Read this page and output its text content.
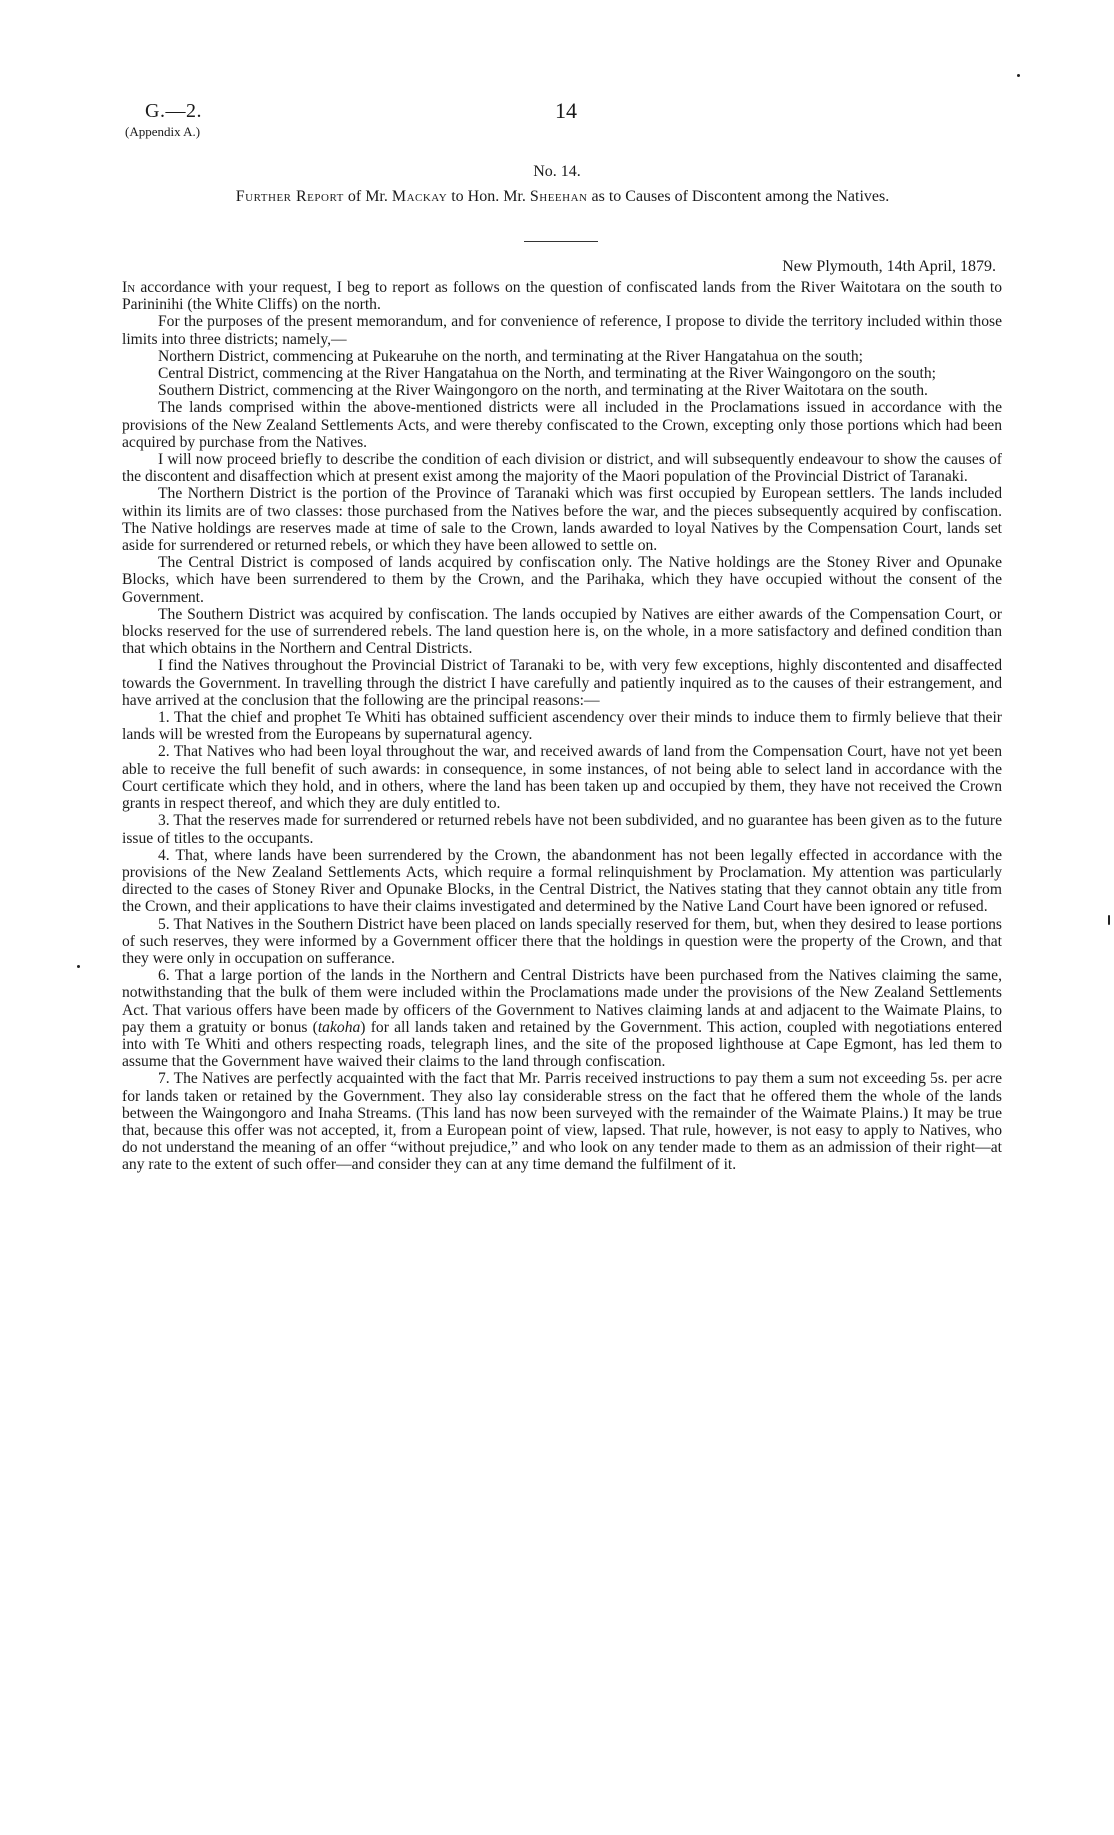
G.—2.
(Appendix A.)
14
No. 14.
Further Report of Mr. Mackay to Hon. Mr. Sheehan as to Causes of Discontent among the Natives.
New Plymouth, 14th April, 1879.

In accordance with your request, I beg to report as follows on the question of confiscated lands from the River Waitotara on the south to Parininihi (the White Cliffs) on the north.

For the purposes of the present memorandum, and for convenience of reference, I propose to divide the territory included within those limits into three districts; namely,—

Northern District, commencing at Pukearuhe on the north, and terminating at the River Hangatahua on the south;

Central District, commencing at the River Hangatahua on the North, and terminating at the River Waingongoro on the south;

Southern District, commencing at the River Waingongoro on the north, and terminating at the River Waitotara on the south.

The lands comprised within the above-mentioned districts were all included in the Proclamations issued in accordance with the provisions of the New Zealand Settlements Acts, and were thereby confiscated to the Crown, excepting only those portions which had been acquired by purchase from the Natives.

I will now proceed briefly to describe the condition of each division or district, and will subsequently endeavour to show the causes of the discontent and disaffection which at present exist among the majority of the Maori population of the Provincial District of Taranaki.

The Northern District is the portion of the Province of Taranaki which was first occupied by European settlers. The lands included within its limits are of two classes: those purchased from the Natives before the war, and the pieces subsequently acquired by confiscation. The Native holdings are reserves made at time of sale to the Crown, lands awarded to loyal Natives by the Compensation Court, lands set aside for surrendered or returned rebels, or which they have been allowed to settle on.

The Central District is composed of lands acquired by confiscation only. The Native holdings are the Stoney River and Opunake Blocks, which have been surrendered to them by the Crown, and the Parihaka, which they have occupied without the consent of the Government.

The Southern District was acquired by confiscation. The lands occupied by Natives are either awards of the Compensation Court, or blocks reserved for the use of surrendered rebels. The land question here is, on the whole, in a more satisfactory and defined condition than that which obtains in the Northern and Central Districts.

I find the Natives throughout the Provincial District of Taranaki to be, with very few exceptions, highly discontented and disaffected towards the Government. In travelling through the district I have carefully and patiently inquired as to the causes of their estrangement, and have arrived at the conclusion that the following are the principal reasons:—

1. That the chief and prophet Te Whiti has obtained sufficient ascendency over their minds to induce them to firmly believe that their lands will be wrested from the Europeans by supernatural agency.

2. That Natives who had been loyal throughout the war, and received awards of land from the Compensation Court, have not yet been able to receive the full benefit of such awards: in consequence, in some instances, of not being able to select land in accordance with the Court certificate which they hold, and in others, where the land has been taken up and occupied by them, they have not received the Crown grants in respect thereof, and which they are duly entitled to.

3. That the reserves made for surrendered or returned rebels have not been subdivided, and no guarantee has been given as to the future issue of titles to the occupants.

4. That, where lands have been surrendered by the Crown, the abandonment has not been legally effected in accordance with the provisions of the New Zealand Settlements Acts, which require a formal relinquishment by Proclamation. My attention was particularly directed to the cases of Stoney River and Opunake Blocks, in the Central District, the Natives stating that they cannot obtain any title from the Crown, and their applications to have their claims investigated and determined by the Native Land Court have been ignored or refused.

5. That Natives in the Southern District have been placed on lands specially reserved for them, but, when they desired to lease portions of such reserves, they were informed by a Government officer there that the holdings in question were the property of the Crown, and that they were only in occupation on sufferance.

6. That a large portion of the lands in the Northern and Central Districts have been purchased from the Natives claiming the same, notwithstanding that the bulk of them were included within the Proclamations made under the provisions of the New Zealand Settlements Act. That various offers have been made by officers of the Government to Natives claiming lands at and adjacent to the Waimate Plains, to pay them a gratuity or bonus (takoha) for all lands taken and retained by the Government. This action, coupled with negotiations entered into with Te Whiti and others respecting roads, telegraph lines, and the site of the proposed lighthouse at Cape Egmont, has led them to assume that the Government have waived their claims to the land through confiscation.

7. The Natives are perfectly acquainted with the fact that Mr. Parris received instructions to pay them a sum not exceeding 5s. per acre for lands taken or retained by the Government. They also lay considerable stress on the fact that he offered them the whole of the lands between the Waingongoro and Inaha Streams. (This land has now been surveyed with the remainder of the Waimate Plains.) It may be true that, because this offer was not accepted, it, from a European point of view, lapsed. That rule, however, is not easy to apply to Natives, who do not understand the meaning of an offer “without prejudice,” and who look on any tender made to them as an admission of their right—at any rate to the extent of such offer—and consider they can at any time demand the fulfilment of it.
